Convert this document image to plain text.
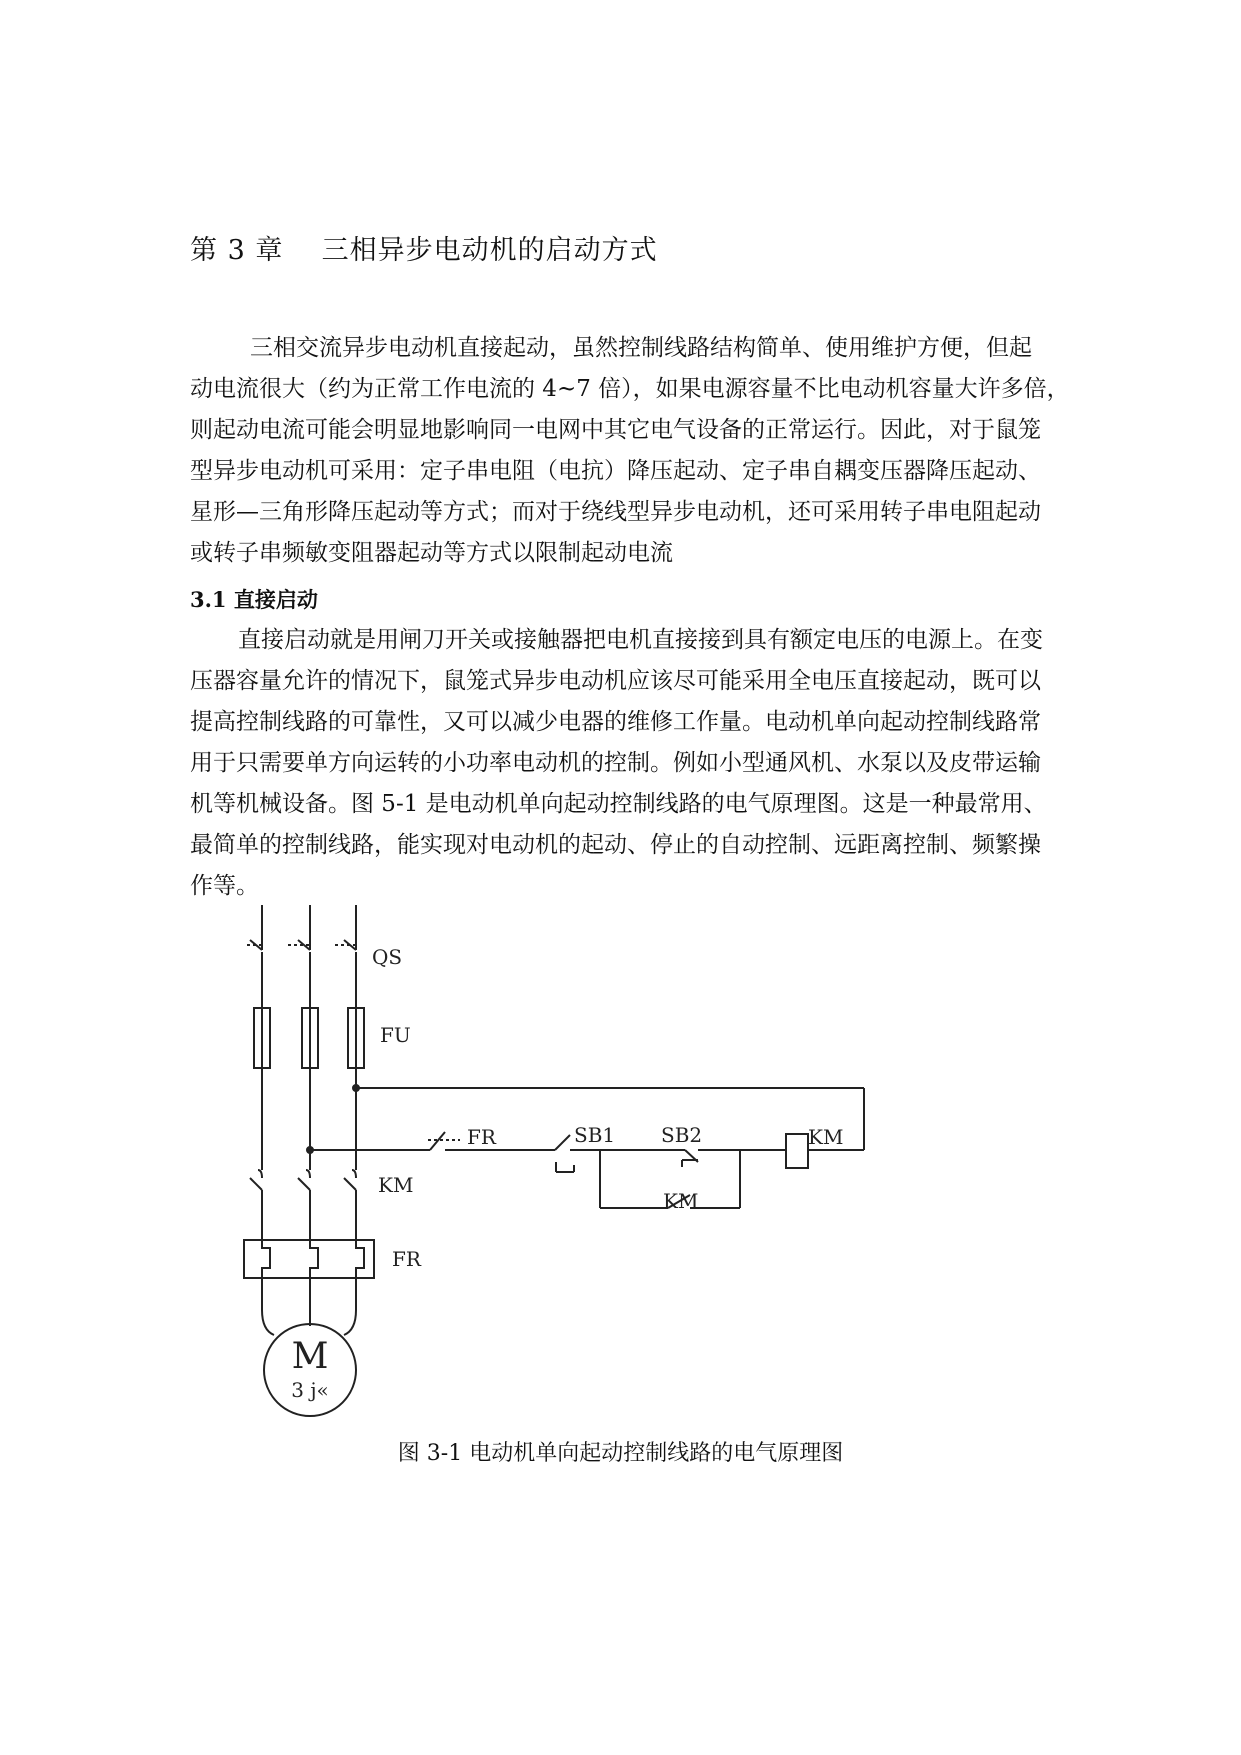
第 3 章    三相异步电动机的启动方式
三相交流异步电动机直接起动，虽然控制线路结构简单、使用维护方便，但起
动电流很大（约为正常工作电流的 4~7 倍），如果电源容量不比电动机容量大许多倍，
则起动电流可能会明显地影响同一电网中其它电气设备的正常运行。因此，对于鼠笼
型异步电动机可采用：定子串电阻（电抗）降压起动、定子串自耦变压器降压起动、
星形—三角形降压起动等方式；而对于绕线型异步电动机，还可采用转子串电阻起动
或转子串频敏变阻器起动等方式以限制起动电流
3.1 直接启动
直接启动就是用闸刀开关或接触器把电机直接接到具有额定电压的电源上。在变
压器容量允许的情况下，鼠笼式异步电动机应该尽可能采用全电压直接起动，既可以
提高控制线路的可靠性，又可以减少电器的维修工作量。电动机单向起动控制线路常
用于只需要单方向运转的小功率电动机的控制。例如小型通风机、水泵以及皮带运输
机等机械设备。图 5-1 是电动机单向起动控制线路的电气原理图。这是一种最常用、
最简单的控制线路，能实现对电动机的起动、停止的自动控制、远距离控制、频繁操
作等。
QS
FU
FR	SB1 SB2
KM
KM
KM
FR
M
3 j«

图 3-1 电动机单向起动控制线路的电气原理图
